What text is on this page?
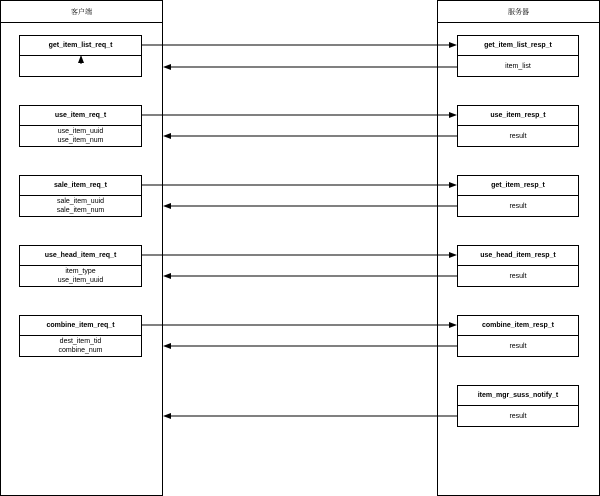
客户端	服务器
get_item_list_req_t
use_item_req_t
use_item_uuid
use_item_num
sale_item_req_t
sale_item_uuid
sale_item_num
use_head_item_req_t
item_type
use_item_uuid
combine_item_req_t
dest_item_tid
combine_num
get_item_list_resp_t
item_list
use_item_resp_t
result
get_item_resp_t
result
use_head_item_resp_t
result
combine_item_resp_t
result
item_mgr_suss_notify_t
result
